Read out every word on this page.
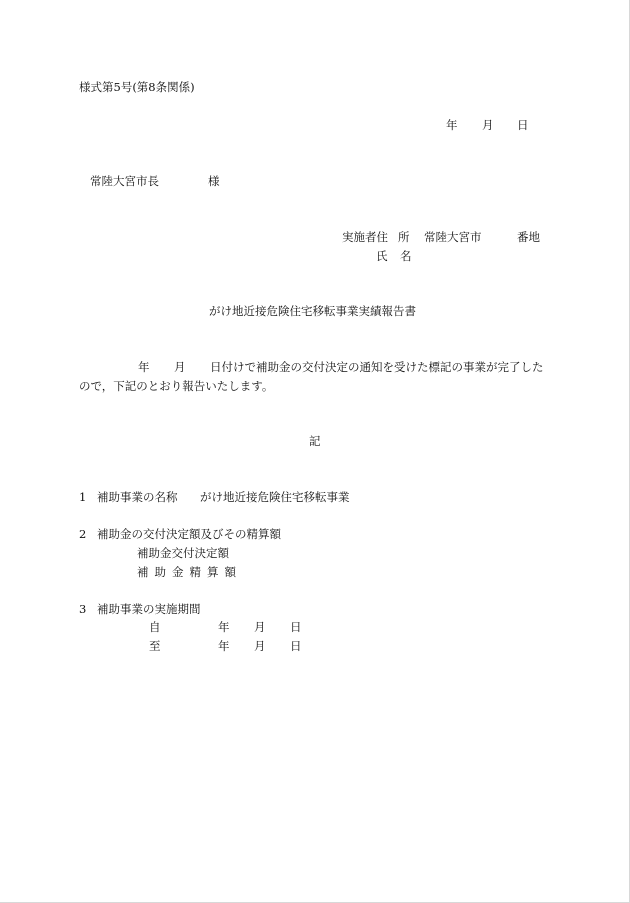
様式第5号(第8条関係)
年 月 日
常陸大宮市長	様
実施者住 所 常陸大宮市	番地
氏 名
がけ地近接危険住宅移転事業実績報告書
年 月 日付けで補助金の交付決定の通知を受けた標記の事業が完了した
ので，下記のとおり報告いたします。
記
1 補助事業の名称 がけ地近接危険住宅移転事業
2 補助金の交付決定額及びその精算額
補助金交付決定額
補 助 金 精 算 額
3 補助事業の実施期間
自	年 月 日
至	年 月 日
